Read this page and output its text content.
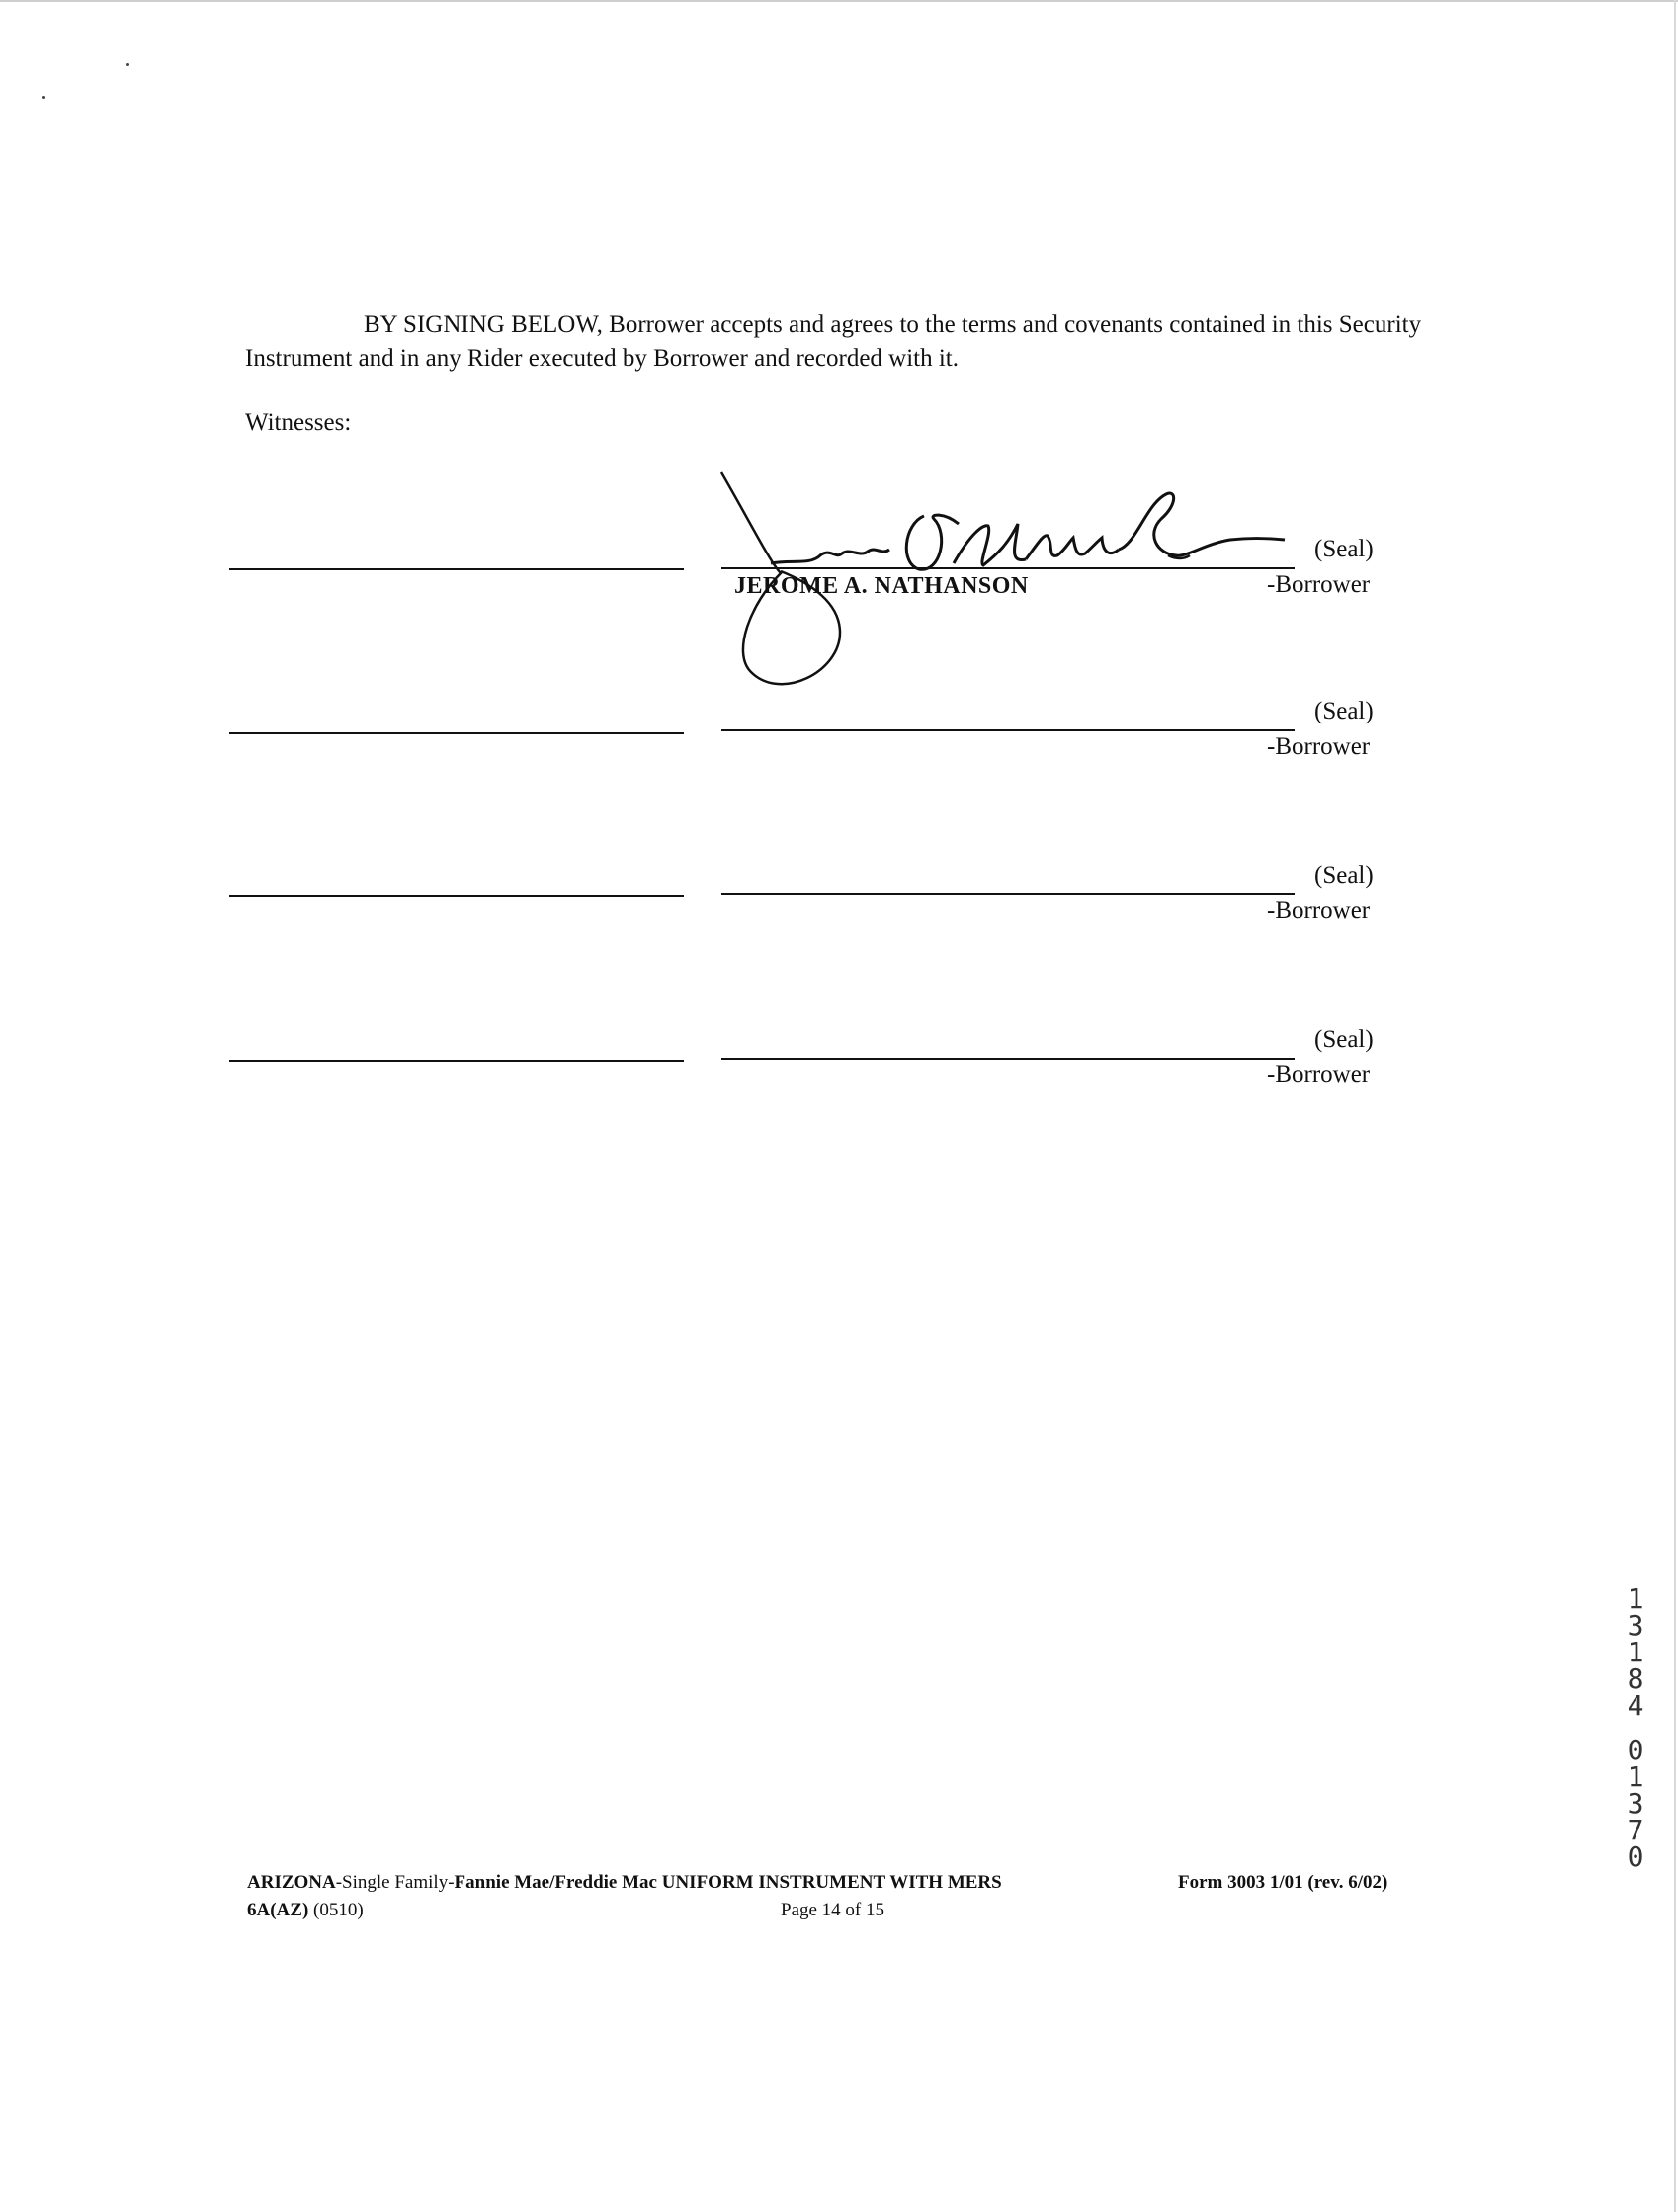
BY SIGNING BELOW, Borrower accepts and agrees to the terms and covenants contained in this Security Instrument and in any Rider executed by Borrower and recorded with it.

Witnesses:
(Seal)
-Borrower
JEROME A. NATHANSON
(Seal)
-Borrower
(Seal)
-Borrower
(Seal)
-Borrower
1
3
1
8
4
0
1
3
7
0
ARIZONA-Single Family-Fannie Mae/Freddie Mac UNIFORM INSTRUMENT WITH MERS	Form 3003 1/01 (rev. 6/02)
6A(AZ) (0510)	Page 14 of 15
